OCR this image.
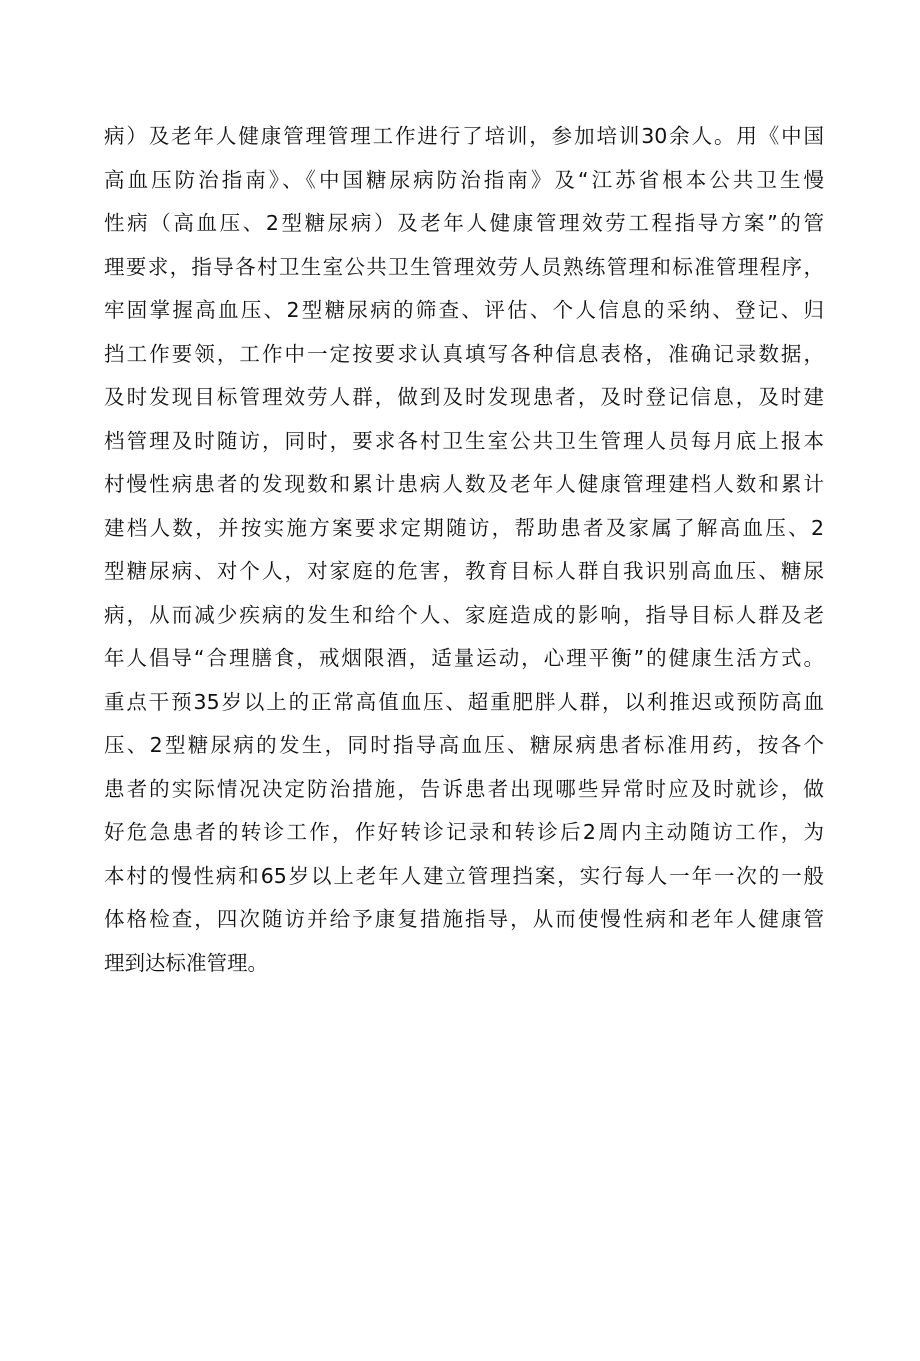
病）及老年人健康管理管理工作进行了培训，参加培训30余人。用《中国
高血压防治指南》、《中国糖尿病防治指南》及“江苏省根本公共卫生慢
性病（高血压、2型糖尿病）及老年人健康管理效劳工程指导方案”的管
理要求，指导各村卫生室公共卫生管理效劳人员熟练管理和标准管理程序，
牢固掌握高血压、2型糖尿病的筛查、评估、个人信息的采纳、登记、归
挡工作要领，工作中一定按要求认真填写各种信息表格，准确记录数据，
及时发现目标管理效劳人群，做到及时发现患者，及时登记信息，及时建
档管理及时随访，同时，要求各村卫生室公共卫生管理人员每月底上报本
村慢性病患者的发现数和累计患病人数及老年人健康管理建档人数和累计
建档人数，并按实施方案要求定期随访，帮助患者及家属了解高血压、2
型糖尿病、对个人，对家庭的危害，教育目标人群自我识别高血压、糖尿
病，从而减少疾病的发生和给个人、家庭造成的影响，指导目标人群及老
年人倡导“合理膳食，戒烟限酒，适量运动，心理平衡”的健康生活方式。
重点干预35岁以上的正常高值血压、超重肥胖人群，以利推迟或预防高血
压、2型糖尿病的发生，同时指导高血压、糖尿病患者标准用药，按各个
患者的实际情况决定防治措施，告诉患者出现哪些异常时应及时就诊，做
好危急患者的转诊工作，作好转诊记录和转诊后2周内主动随访工作，为
本村的慢性病和65岁以上老年人建立管理挡案，实行每人一年一次的一般
体格检查，四次随访并给予康复措施指导，从而使慢性病和老年人健康管
理到达标准管理。
